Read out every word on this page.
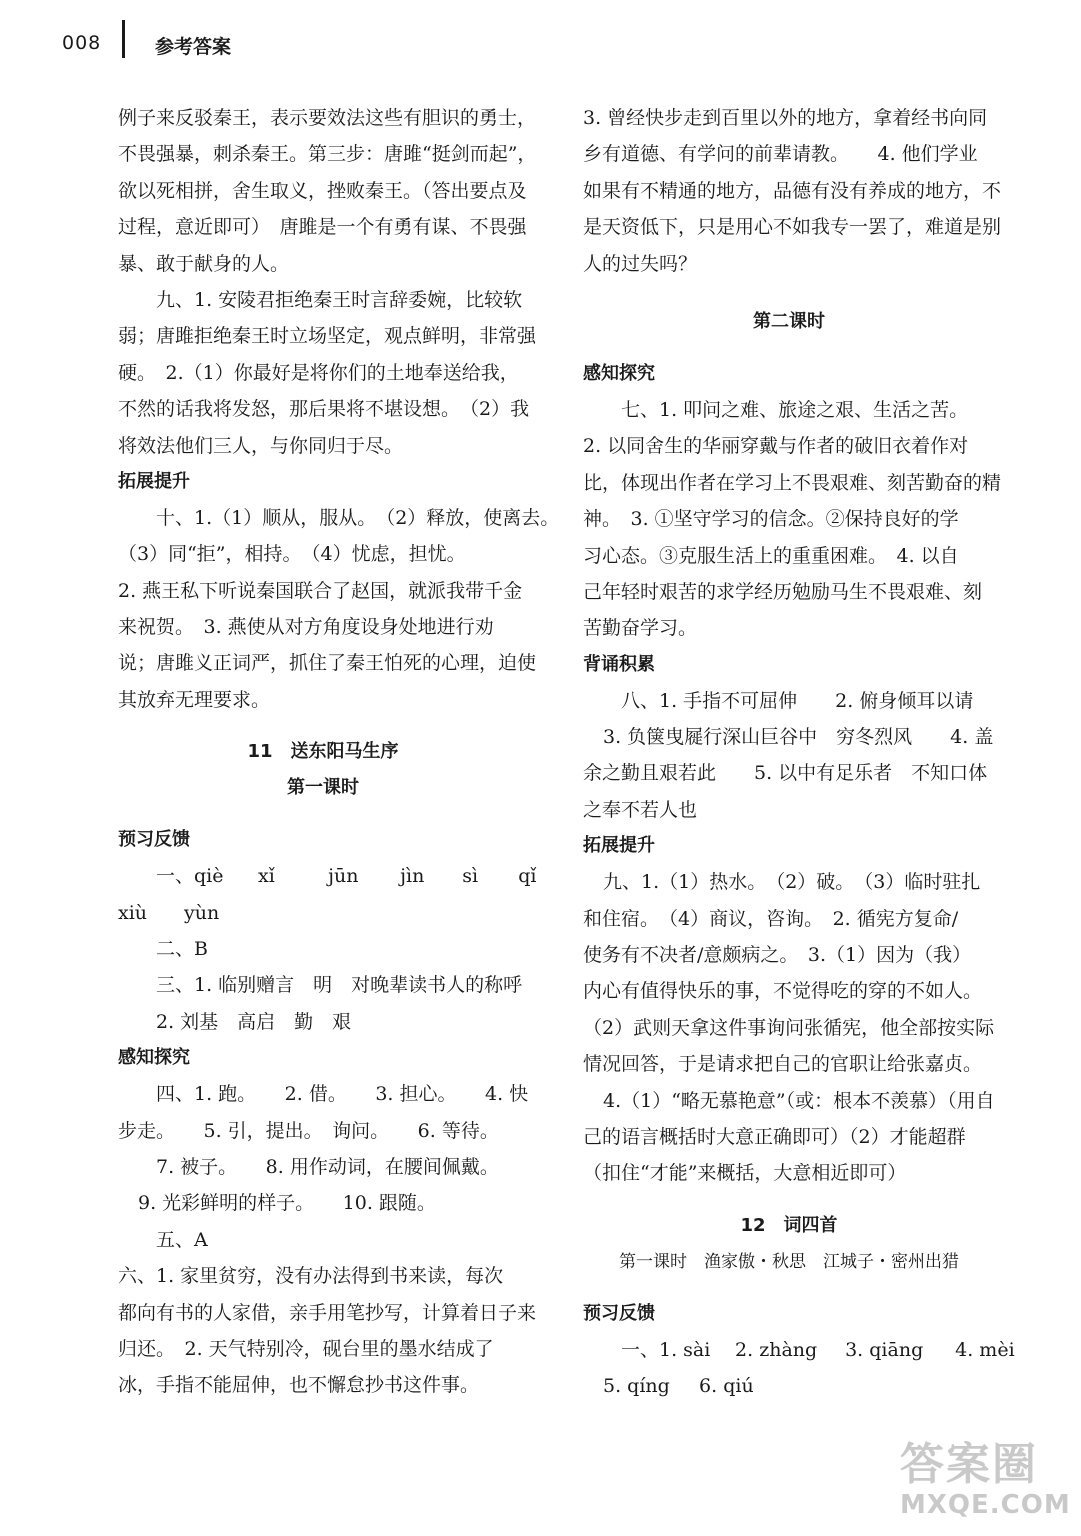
008	参考答案
例子来反驳秦王，表示要效法这些有胆识的勇士，
不畏强暴，刺杀秦王。第三步：唐雎“挺剑而起”，
欲以死相拼，舍生取义，挫败秦王。（答出要点及
过程，意近即可）　唐雎是一个有勇有谋、不畏强
暴、敢于献身的人。
九、1. 安陵君拒绝秦王时言辞委婉，比较软
弱；唐雎拒绝秦王时立场坚定，观点鲜明，非常强
硬。　2.（1）你最好是将你们的土地奉送给我，
不然的话我将发怒，那后果将不堪设想。　（2）我
将效法他们三人，与你同归于尽。
拓展提升
十、1.（1）顺从，服从。　（2）释放，使离去。
（3）同“拒”，相持。　（4）忧虑，担忧。
2. 燕王私下听说秦国联合了赵国，就派我带千金
来祝贺。　3. 燕使从对方角度设身处地进行劝
说；唐雎义正词严，抓住了秦王怕死的心理，迫使
其放弃无理要求。
11　送东阳马生序
第一课时
预习反馈
一、qiè xǐ	jūn jìn sì qǐ
xiù yùn
二、B
三、1. 临别赠言　明　对晚辈读书人的称呼
2. 刘基　高启　勤　艰
感知探究
四、1. 跑。　　2. 借。　　3. 担心。　　4. 快
步走。　　5. 引，提出。　询问。　　6. 等待。
7. 被子。　　8. 用作动词，在腰间佩戴。
9. 光彩鲜明的样子。　　10. 跟随。
五、A
六、1. 家里贫穷，没有办法得到书来读，每次
都向有书的人家借，亲手用笔抄写，计算着日子来
归还。　2. 天气特别冷，砚台里的墨水结成了
冰，手指不能屈伸，也不懈怠抄书这件事。
3. 曾经快步走到百里以外的地方，拿着经书向同
乡有道德、有学问的前辈请教。　　4. 他们学业
如果有不精通的地方，品德有没有养成的地方，不
是天资低下，只是用心不如我专一罢了，难道是别
人的过失吗？
第二课时
感知探究
七、1. 叩问之难、旅途之艰、生活之苦。
2. 以同舍生的华丽穿戴与作者的破旧衣着作对
比，体现出作者在学习上不畏艰难、刻苦勤奋的精
神。　3. ①坚守学习的信念。②保持良好的学
习心态。③克服生活上的重重困难。　4. 以自
己年轻时艰苦的求学经历勉励马生不畏艰难、刻
苦勤奋学习。
背诵积累
八、1. 手指不可屈伸　　2. 俯身倾耳以请
3. 负箧曳屣行深山巨谷中　穷冬烈风　　4. 盖
余之勤且艰若此　　5. 以中有足乐者　不知口体
之奉不若人也
拓展提升
九、1.（1）热水。　（2）破。　（3）临时驻扎
和住宿。　（4）商议，咨询。　2. 循宪方复命/
使务有不决者/意颇病之。　3.（1）因为（我）
内心有值得快乐的事，不觉得吃的穿的不如人。
（2）武则天拿这件事询问张循宪，他全部按实际
情况回答，于是请求把自己的官职让给张嘉贞。
4.（1）“略无慕艳意”（或：根本不羡慕）（用自
己的语言概括时大意正确即可）（2）才能超群
（扣住“才能”来概括，大意相近即可）
12　词四首
第一课时　渔家傲・秋思　江城子・密州出猎
预习反馈
一、1. sài 2. zhàng 3. qiāng 4. mèi
5. qíng 6. qiú
答案圈
MXQE.COM
